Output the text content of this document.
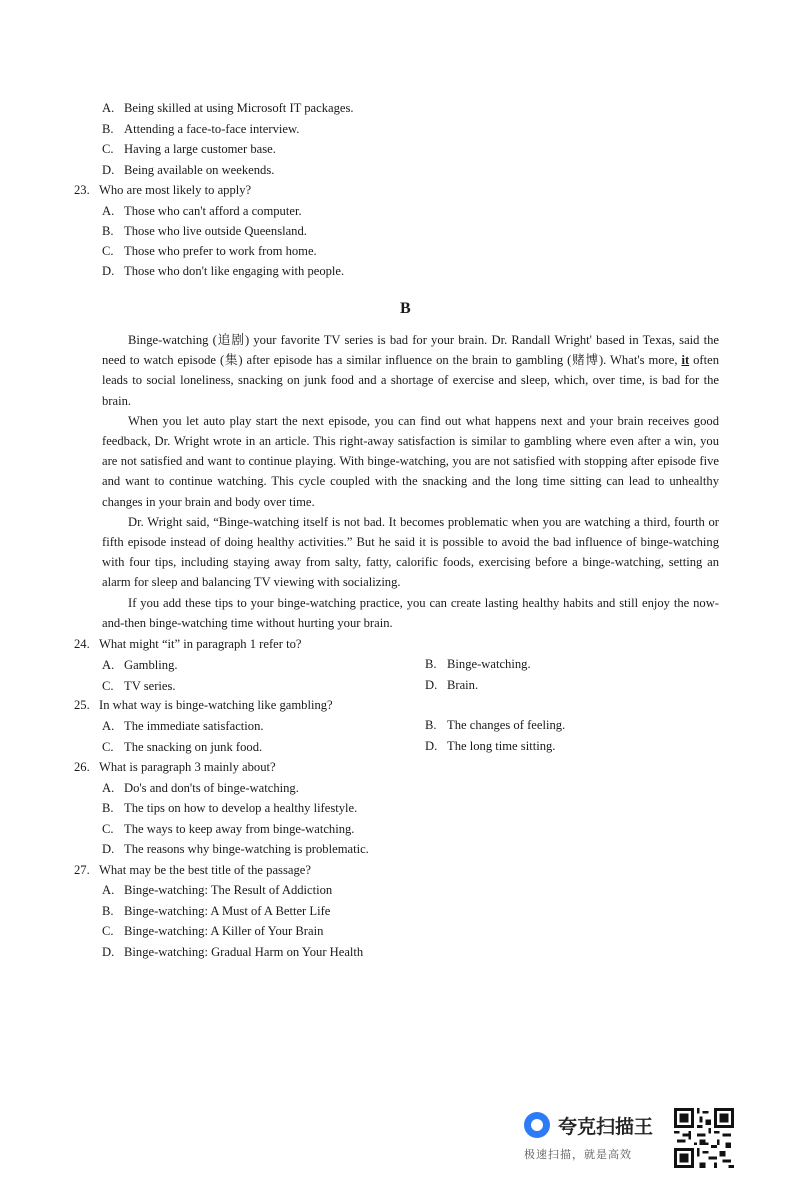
A. Being skilled at using Microsoft IT packages.
B. Attending a face-to-face interview.
C. Having a large customer base.
D. Being available on weekends.
23. Who are most likely to apply?
A. Those who can't afford a computer.
B. Those who live outside Queensland.
C. Those who prefer to work from home.
D. Those who don't like engaging with people.
B

Binge-watching (追剧) your favorite TV series is bad for your brain. Dr. Randall Wright' based in Texas, said the need to watch episode (集) after episode has a similar influence on the brain to gambling (赌博). What's more, it often leads to social loneliness, snacking on junk food and a shortage of exercise and sleep, which, over time, is bad for the brain.

When you let auto play start the next episode, you can find out what happens next and your brain receives good feedback, Dr. Wright wrote in an article. This right-away satisfaction is similar to gambling where even after a win, you are not satisfied and want to continue playing. With binge-watching, you are not satisfied with stopping after episode five and want to continue watching. This cycle coupled with the snacking and the long time sitting can lead to unhealthy changes in your brain and body over time.

Dr. Wright said, “Binge-watching itself is not bad. It becomes problematic when you are watching a third, fourth or fifth episode instead of doing healthy activities.” But he said it is possible to avoid the bad influence of binge-watching with four tips, including staying away from salty, fatty, calorific foods, exercising before a binge-watching, setting an alarm for sleep and balancing TV viewing with socializing.

If you add these tips to your binge-watching practice, you can create lasting healthy habits and still enjoy the now-and-then binge-watching time without hurting your brain.

24. What might “it” in paragraph 1 refer to?
A. Gambling.	B. Binge-watching.
C. TV series.	D. Brain.
25. In what way is binge-watching like gambling?
A. The immediate satisfaction.	B. The changes of feeling.
C. The snacking on junk food.	D. The long time sitting.
26. What is paragraph 3 mainly about?
A. Do's and don'ts of binge-watching.
B. The tips on how to develop a healthy lifestyle.
C. The ways to keep away from binge-watching.
D. The reasons why binge-watching is problematic.
27. What may be the best title of the passage?
A. Binge-watching: The Result of Addiction
B. Binge-watching: A Must of A Better Life
C. Binge-watching: A Killer of Your Brain
D. Binge-watching: Gradual Harm on Your Health
夸克扫描王
极速扫描，就是高效
